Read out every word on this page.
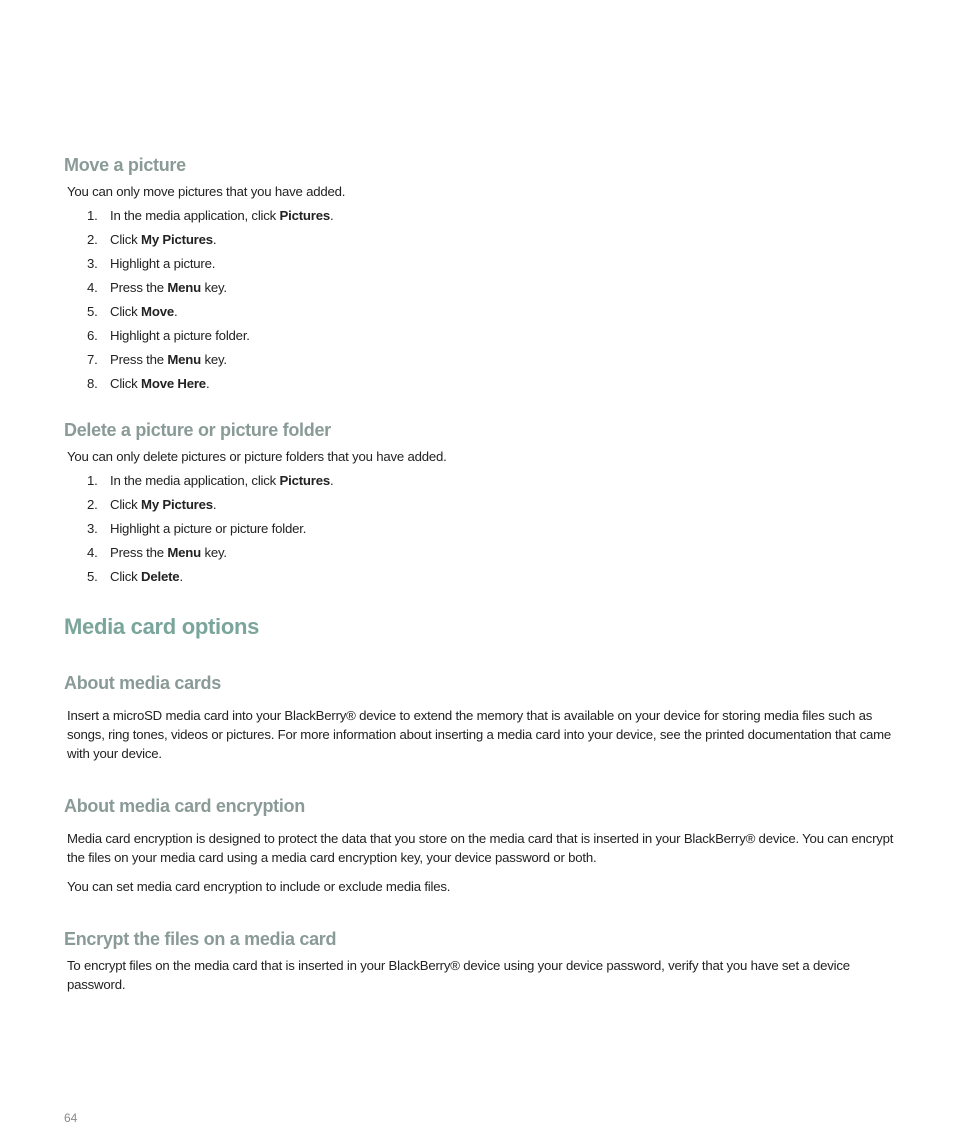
Move a picture

You can only move pictures that you have added.

1. In the media application, click Pictures.
2. Click My Pictures.
3. Highlight a picture.
4. Press the Menu key.
5. Click Move.
6. Highlight a picture folder.
7. Press the Menu key.
8. Click Move Here.
Delete a picture or picture folder

You can only delete pictures or picture folders that you have added.

1. In the media application, click Pictures.
2. Click My Pictures.
3. Highlight a picture or picture folder.
4. Press the Menu key.
5. Click Delete.
Media card options
About media cards

Insert a microSD media card into your BlackBerry® device to extend the memory that is available on your device for storing media files such as songs, ring tones, videos or pictures. For more information about inserting a media card into your device, see the printed documentation that came with your device.

About media card encryption

Media card encryption is designed to protect the data that you store on the media card that is inserted in your BlackBerry® device. You can encrypt the files on your media card using a media card encryption key, your device password or both.

You can set media card encryption to include or exclude media files.

Encrypt the files on a media card

To encrypt files on the media card that is inserted in your BlackBerry® device using your device password, verify that you have set a device password.

64
